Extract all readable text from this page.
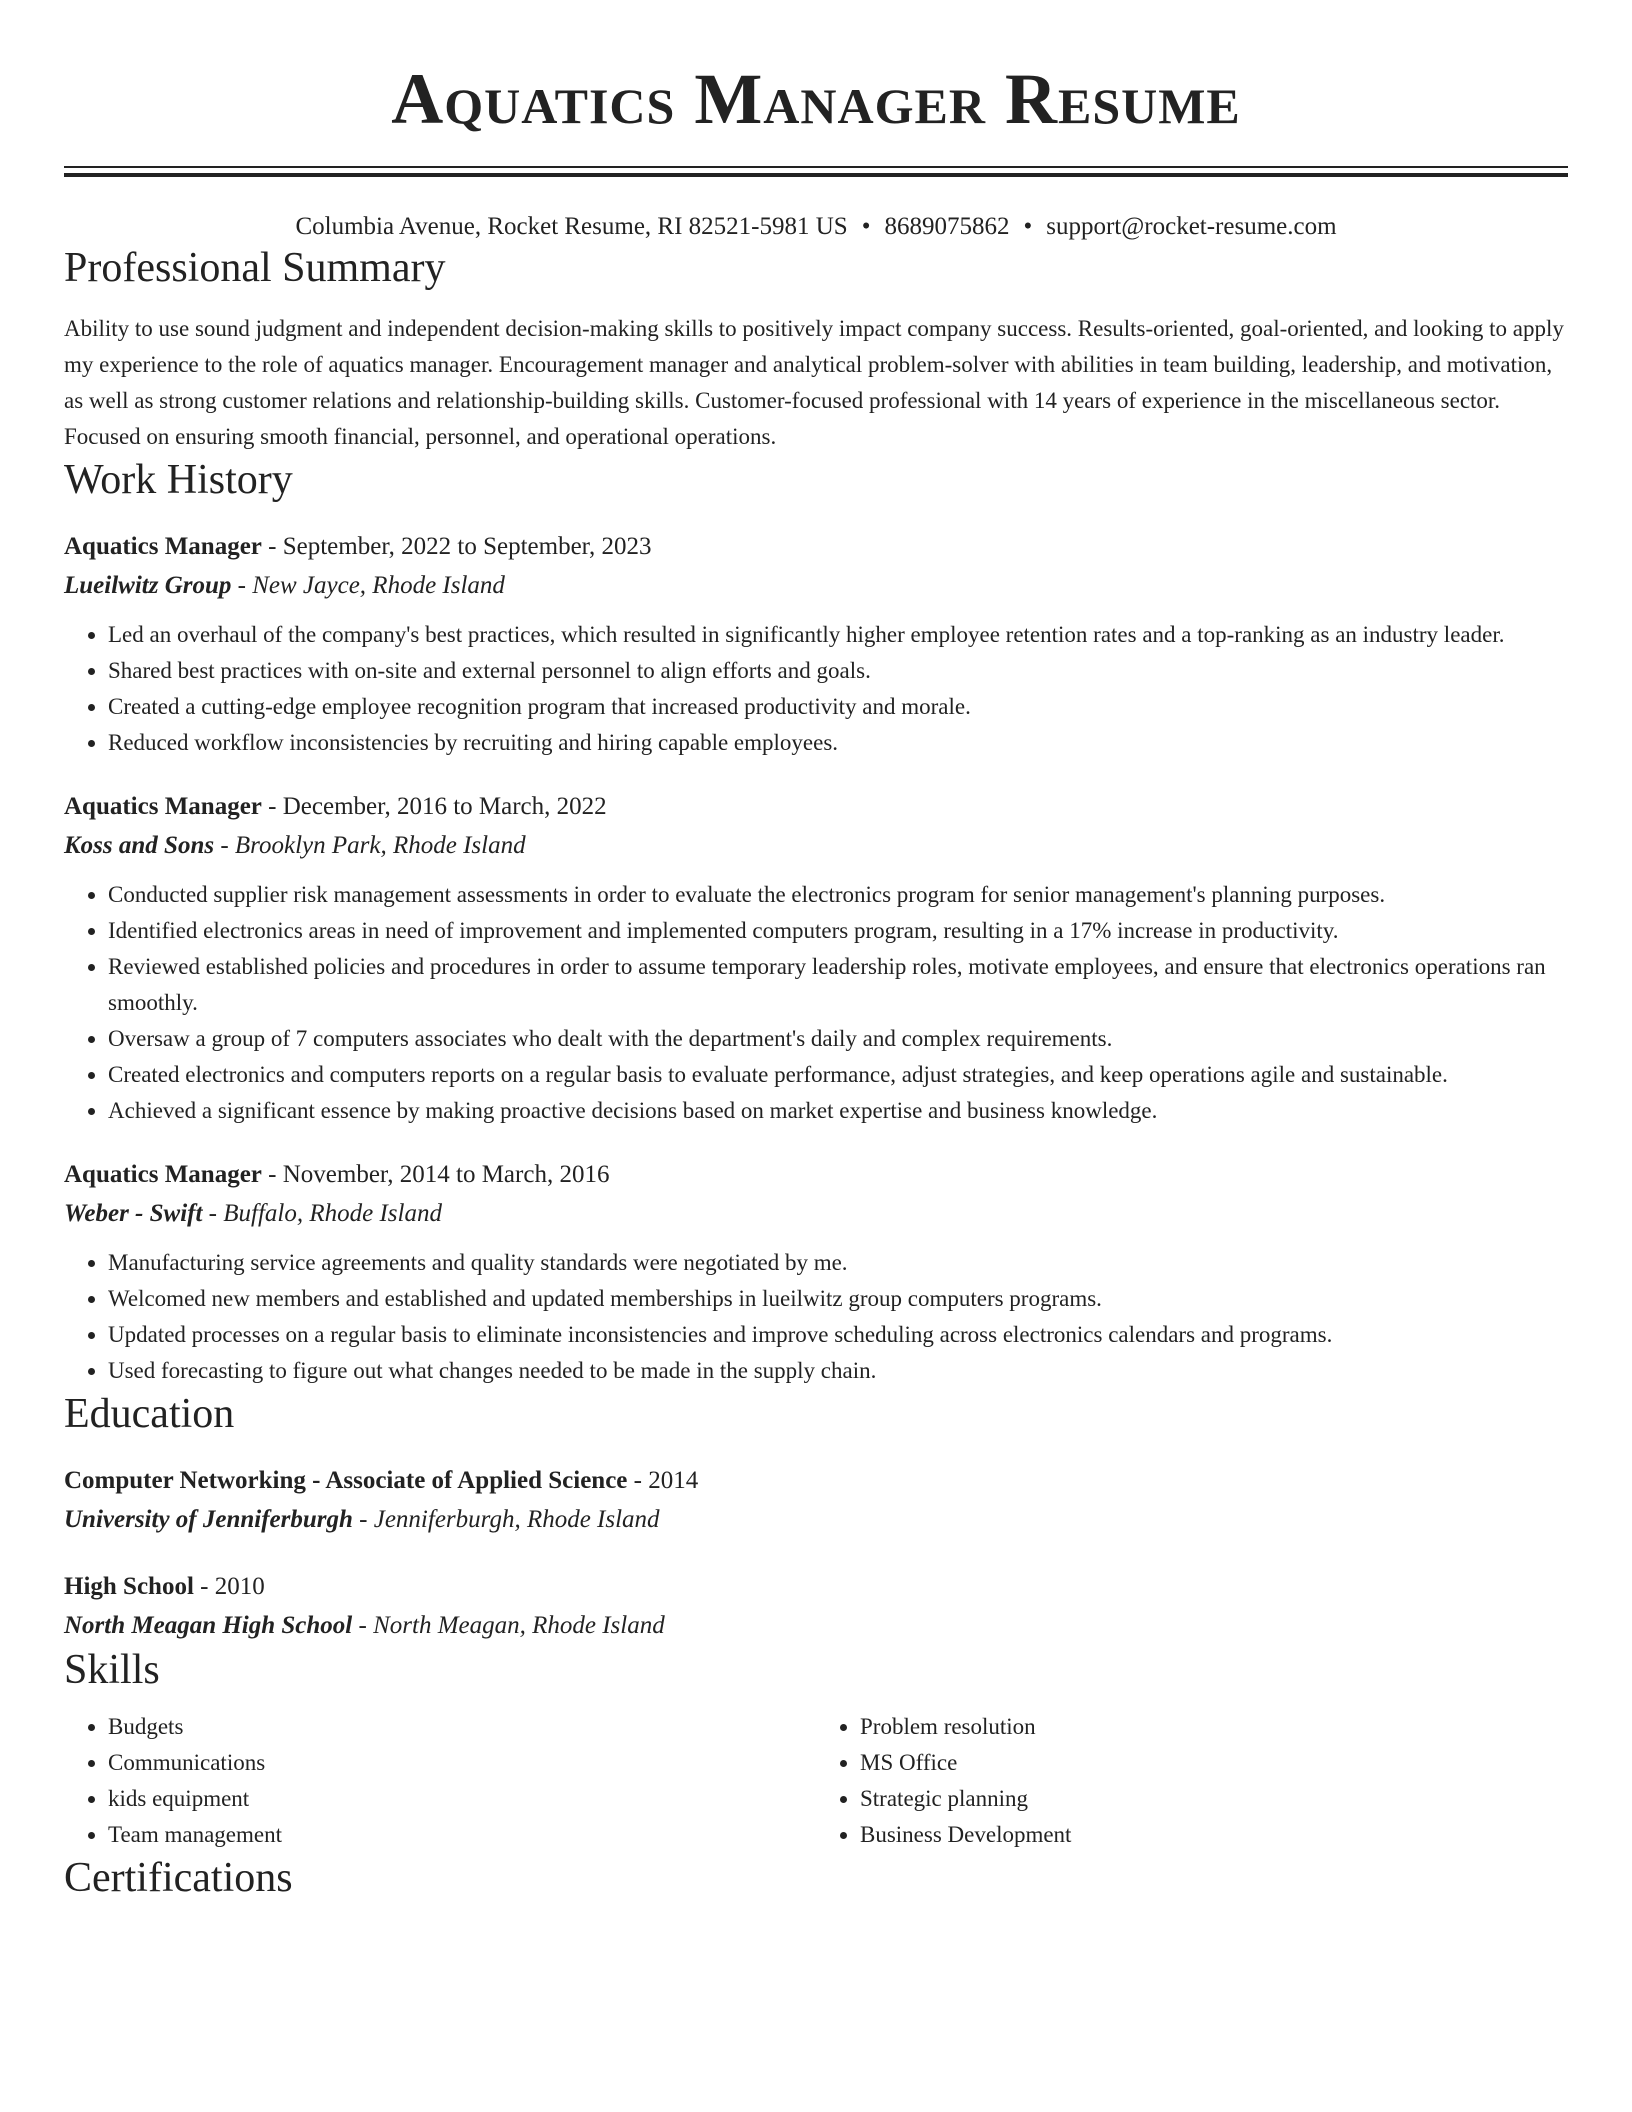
Aquatics Manager Resume
Columbia Avenue, Rocket Resume, RI 82521-5981 US • 8689075862 • support@rocket-resume.com
Professional Summary

Ability to use sound judgment and independent decision-making skills to positively impact company success. Results-oriented, goal-oriented, and looking to apply my experience to the role of aquatics manager. Encouragement manager and analytical problem-solver with abilities in team building, leadership, and motivation, as well as strong customer relations and relationship-building skills. Customer-focused professional with 14 years of experience in the miscellaneous sector. Focused on ensuring smooth financial, personnel, and operational operations.

Work History
Aquatics Manager - September, 2022 to September, 2023
Lueilwitz Group - New Jayce, Rhode Island
• Led an overhaul of the company's best practices, which resulted in significantly higher employee retention rates and a top-ranking as an industry leader.
• Shared best practices with on-site and external personnel to align efforts and goals.
• Created a cutting-edge employee recognition program that increased productivity and morale.
• Reduced workflow inconsistencies by recruiting and hiring capable employees.
Aquatics Manager - December, 2016 to March, 2022
Koss and Sons - Brooklyn Park, Rhode Island
• Conducted supplier risk management assessments in order to evaluate the electronics program for senior management's planning purposes.
• Identified electronics areas in need of improvement and implemented computers program, resulting in a 17% increase in productivity.
• Reviewed established policies and procedures in order to assume temporary leadership roles, motivate employees, and ensure that electronics operations ran smoothly.
• Oversaw a group of 7 computers associates who dealt with the department's daily and complex requirements.
• Created electronics and computers reports on a regular basis to evaluate performance, adjust strategies, and keep operations agile and sustainable.
• Achieved a significant essence by making proactive decisions based on market expertise and business knowledge.
Aquatics Manager - November, 2014 to March, 2016
Weber - Swift - Buffalo, Rhode Island
• Manufacturing service agreements and quality standards were negotiated by me.
• Welcomed new members and established and updated memberships in lueilwitz group computers programs.
• Updated processes on a regular basis to eliminate inconsistencies and improve scheduling across electronics calendars and programs.
• Used forecasting to figure out what changes needed to be made in the supply chain.
Education
Computer Networking - Associate of Applied Science - 2014
University of Jenniferburgh - Jenniferburgh, Rhode Island
High School - 2010
North Meagan High School - North Meagan, Rhode Island
Skills
• Budgets
• Communications
• kids equipment
• Team management
• Problem resolution
• MS Office
• Strategic planning
• Business Development
Certifications
